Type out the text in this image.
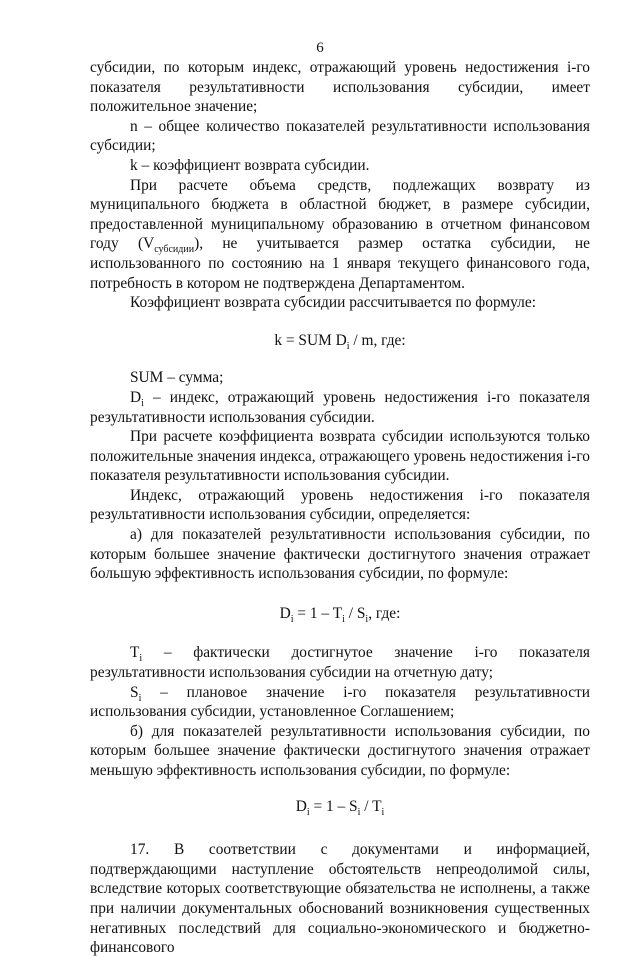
6

субсидии, по которым индекс, отражающий уровень недостижения i-го показателя результативности использования субсидии, имеет положительное значение;

n – общее количество показателей результативности использования субсидии;

k – коэффициент возврата субсидии.

При расчете объема средств, подлежащих возврату из муниципального бюджета в областной бюджет, в размере субсидии, предоставленной муниципальному образованию в отчетном финансовом году $(V_{субсидии})$, не учитывается размер остатка субсидии, не использованного по состоянию на 1 января текущего финансового года, потребность в котором не подтверждена Департаментом.

Коэффициент возврата субсидии рассчитывается по формуле:

k = SUM $D_i$ / m, где:

SUM – сумма;

$D_i$ – индекс, отражающий уровень недостижения i-го показателя результативности использования субсидии.

При расчете коэффициента возврата субсидии используются только положительные значения индекса, отражающего уровень недостижения i-го показателя результативности использования субсидии.

Индекс, отражающий уровень недостижения i-го показателя результативности использования субсидии, определяется:

а) для показателей результативности использования субсидии, по которым большее значение фактически достигнутого значения отражает большую эффективность использования субсидии, по формуле:

$D_i = 1 - T_i / S_i$, где:

$T_i$ – фактически достигнутое значение i-го показателя результативности использования субсидии на отчетную дату;

$S_i$ – плановое значение i-го показателя результативности использования субсидии, установленное Соглашением;

б) для показателей результативности использования субсидии, по которым большее значение фактически достигнутого значения отражает меньшую эффективность использования субсидии, по формуле:

$D_i = 1 - S_i / T_i$

17. В соответствии с документами и информацией, подтверждающими наступление обстоятельств непреодолимой силы, вследствие которых соответствующие обязательства не исполнены, а также при наличии документальных обоснований возникновения существенных негативных последствий для социально-экономического и бюджетно-финансового
